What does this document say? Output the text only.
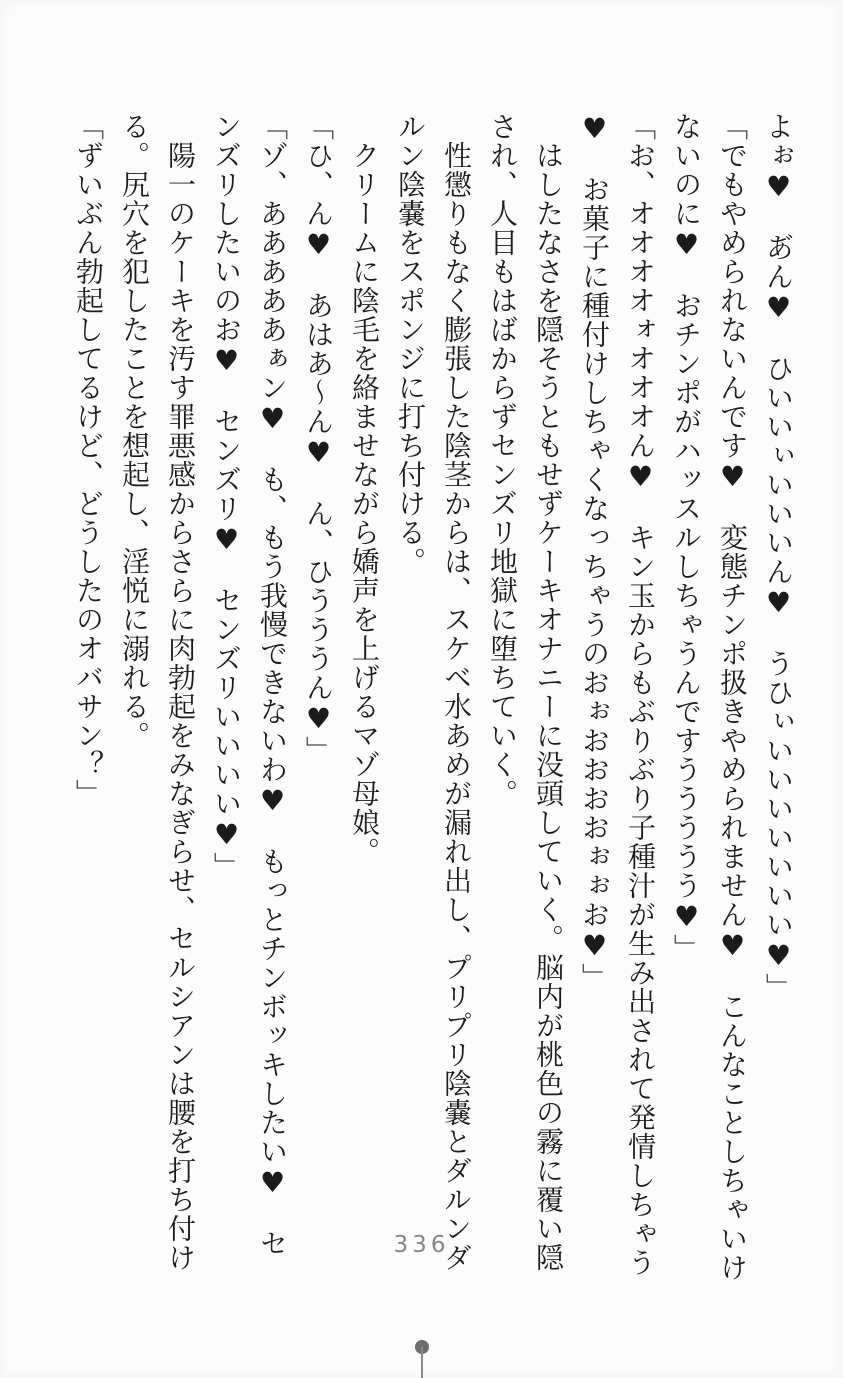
よぉ♥　あ゙ん♥　ひいいぃいいいん♥　うひぃいいいいいいい♥」
「でもやめられないんです♥　変態チンポ扱きやめられません♥　こんなことしちゃいけ
ないのに♥　おチンポがハッスルしちゃうんですううううう♥」
「お、オオオオォオオオん♥　キン玉からもぶりぶり子種汁が生み出されて発情しちゃう
♥　お菓子に種付けしちゃくなっちゃうのおぉおおおおぉぉお♥」
　はしたなさを隠そうともせずケーキオナニーに没頭していく。脳内が桃色の霧に覆い隠
され、人目もはばからずセンズリ地獄に堕ちていく。
　性懲りもなく膨張した陰茎からは、スケベ水あめが漏れ出し、プリプリ陰嚢とダルンダ
ルン陰嚢をスポンジに打ち付ける。
　クリームに陰毛を絡ませながら嬌声を上げるマゾ母娘。
「ひ、ん♥　あはあ〜ん♥　ん、ひうううん♥」
「ゾ、あああああぁン♥　も、もう我慢できないわ♥　もっとチンボッキしたい♥　セ
ンズリしたいのお♥　センズリ♥　センズリいいいい♥」
　陽一のケーキを汚す罪悪感からさらに肉勃起をみなぎらせ、セルシアンは腰を打ち付け
る。尻穴を犯したことを想起し、淫悦に溺れる。
「ずいぶん勃起してるけど、どうしたのオバサン？」
336
